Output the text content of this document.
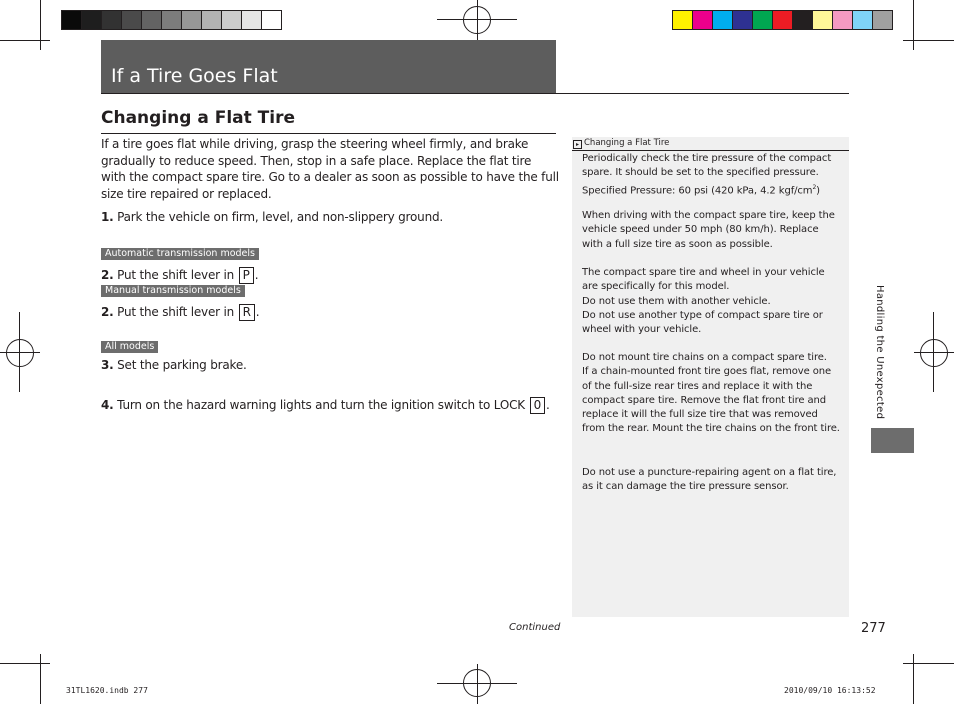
If a Tire Goes Flat
Changing a Flat Tire
If a tire goes flat while driving, grasp the steering wheel firmly, and brake gradually to reduce speed. Then, stop in a safe place. Replace the flat tire with the compact spare tire. Go to a dealer as soon as possible to have the full size tire repaired or replaced.
1. Park the vehicle on firm, level, and non-slippery ground.
Automatic transmission models
2. Put the shift lever in P .
Manual transmission models
2. Put the shift lever in R .
All models
3. Set the parking brake.
4. Turn on the hazard warning lights and turn the ignition switch to LOCK 0 .
▸ Changing a Flat Tire
Periodically check the tire pressure of the compact spare. It should be set to the specified pressure.
Specified Pressure: 60 psi (420 kPa, 4.2 kgf/$cm^2$)
When driving with the compact spare tire, keep the vehicle speed under 50 mph (80 km/h). Replace with a full size tire as soon as possible.
The compact spare tire and wheel in your vehicle are specifically for this model.
Do not use them with another vehicle.
Do not use another type of compact spare tire or wheel with your vehicle.
Do not mount tire chains on a compact spare tire.
If a chain-mounted front tire goes flat, remove one of the full-size rear tires and replace it with the compact spare tire. Remove the flat front tire and replace it will the full size tire that was removed from the rear. Mount the tire chains on the front tire.
Do not use a puncture-repairing agent on a flat tire, as it can damage the tire pressure sensor.
Handling the Unexpected
Continued	277
31TL1620.indb 277	2010/09/10 16:13:52
